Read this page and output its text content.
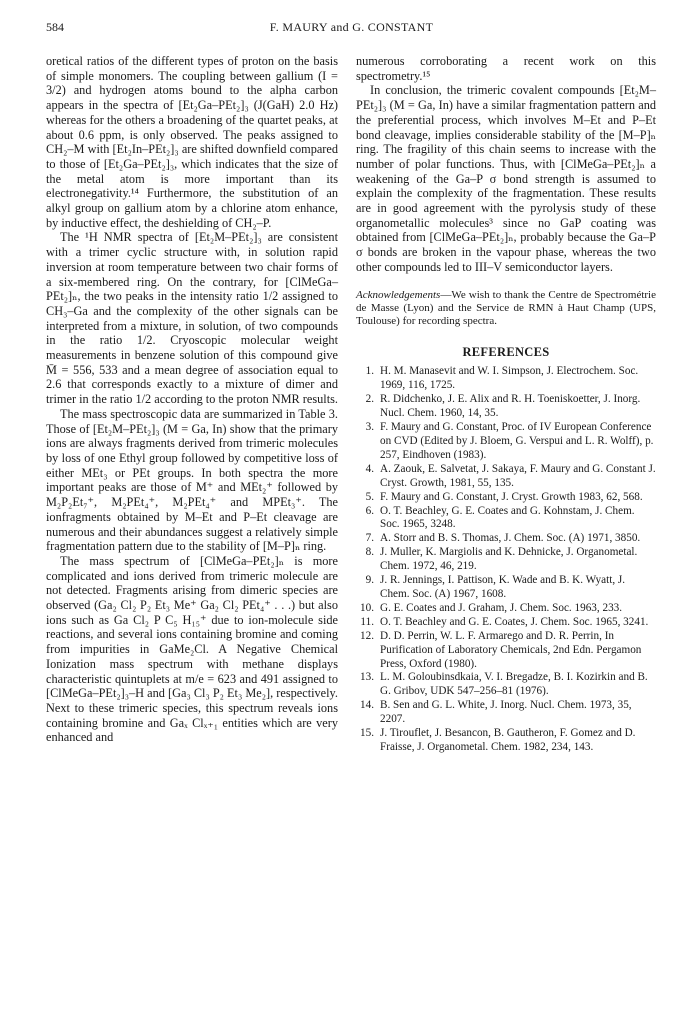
584	F. MAURY and G. CONSTANT

oretical ratios of the different types of proton on the basis of simple monomers. The coupling between gallium (I = 3/2) and hydrogen atoms bound to the alpha carbon appears in the spectra of [Et₂Ga–PEt₂]₃ (J(GaH) 2.0 Hz) whereas for the others a broadening of the quartet peaks, at about 0.6 ppm, is only observed. The peaks assigned to CH₂–M with [Et₂In–PEt₂]₃ are shifted downfield compared to those of [Et₂Ga–PEt₂]₃, which indicates that the size of the metal atom is more important than its electronegativity.¹⁴ Furthermore, the substitution of an alkyl group on gallium atom by a chlorine atom enhance, by inductive effect, the deshielding of CH₂–P.

The ¹H NMR spectra of [Et₂M–PEt₂]₃ are consistent with a trimer cyclic structure with, in solution rapid inversion at room temperature between two chair forms of a six-membered ring. On the contrary, for [ClMeGa–PEt₂]ₙ, the two peaks in the intensity ratio 1/2 assigned to CH₃–Ga and the complexity of the other signals can be interpreted from a mixture, in solution, of two compounds in the ratio 1/2. Cryoscopic molecular weight measurements in benzene solution of this compound give M̄ = 556, 533 and a mean degree of association equal to 2.6 that corresponds exactly to a mixture of dimer and trimer in the ratio 1/2 according to the proton NMR results.

The mass spectroscopic data are summarized in Table 3. Those of [Et₂M–PEt₂]₃ (M = Ga, In) show that the primary ions are always fragments derived from trimeric molecules by loss of one Ethyl group followed by competitive loss of either MEt₃ or PEt groups. In both spectra the more important peaks are those of M⁺ and MEt₂⁺ followed by M₂P₂Et₇⁺, M₂PEt₄⁺, M₂PEt₄⁺ and MPEt₃⁺. The ionfragments obtained by M–Et and P–Et cleavage are numerous and their abundances suggest a relatively simple fragmentation pattern due to the stability of [M–P]ₙ ring.

The mass spectrum of [ClMeGa–PEt₂]ₙ is more complicated and ions derived from trimeric molecule are not detected. Fragments arising from dimeric species are observed (Ga₂ Cl₂ P₂ Et₃ Me⁺ Ga₂ Cl₂ PEt₄⁺ . . .) but also ions such as Ga Cl₂ P C₅ H₁₅⁺ due to ion-molecule side reactions, and several ions containing bromine and coming from impurities in GaMe₂Cl. A Negative Chemical Ionization mass spectrum with methane displays characteristic quintuplets at m/e = 623 and 491 assigned to [ClMeGa–PEt₂]₃–H and [Ga₃ Cl₃ P₂ Et₃ Me₂], respectively. Next to these trimeric species, this spectrum reveals ions containing bromine and Gaₓ Clₓ₊₁ entities which are very enhanced and

numerous corroborating a recent work on this spectrometry.¹⁵

In conclusion, the trimeric covalent compounds [Et₂M–PEt₂]₃ (M = Ga, In) have a similar fragmentation pattern and the preferential process, which involves M–Et and P–Et bond cleavage, implies considerable stability of the [M–P]ₙ ring. The fragility of this chain seems to increase with the number of polar functions. Thus, with [ClMeGa–PEt₂]ₙ a weakening of the Ga–P σ bond strength is assumed to explain the complexity of the fragmentation. These results are in good agreement with the pyrolysis study of these organometallic molecules³ since no GaP coating was obtained from [ClMeGa–PEt₂]ₙ, probably because the Ga–P σ bonds are broken in the vapour phase, whereas the two other compounds led to III–V semiconductor layers.

Acknowledgements—We wish to thank the Centre de Spectrométrie de Masse (Lyon) and the Service de RMN à Haut Champ (UPS, Toulouse) for recording spectra.

REFERENCES
1. H. M. Manasevit and W. I. Simpson, J. Electrochem. Soc. 1969, 116, 1725.
2. R. Didchenko, J. E. Alix and R. H. Toeniskoetter, J. Inorg. Nucl. Chem. 1960, 14, 35.
3. F. Maury and G. Constant, Proc. of IV European Conference on CVD (Edited by J. Bloem, G. Verspui and L. R. Wolff), p. 257, Eindhoven (1983).
4. A. Zaouk, E. Salvetat, J. Sakaya, F. Maury and G. Constant J. Cryst. Growth, 1981, 55, 135.
5. F. Maury and G. Constant, J. Cryst. Growth 1983, 62, 568.
6. O. T. Beachley, G. E. Coates and G. Kohnstam, J. Chem. Soc. 1965, 3248.
7. A. Storr and B. S. Thomas, J. Chem. Soc. (A) 1971, 3850.
8. J. Muller, K. Margiolis and K. Dehnicke, J. Organometal. Chem. 1972, 46, 219.
9. J. R. Jennings, I. Pattison, K. Wade and B. K. Wyatt, J. Chem. Soc. (A) 1967, 1608.
10. G. E. Coates and J. Graham, J. Chem. Soc. 1963, 233.
11. O. T. Beachley and G. E. Coates, J. Chem. Soc. 1965, 3241.
12. D. D. Perrin, W. L. F. Armarego and D. R. Perrin, In Purification of Laboratory Chemicals, 2nd Edn. Pergamon Press, Oxford (1980).
13. L. M. Goloubinsdkaia, V. I. Bregadze, B. I. Kozirkin and B. G. Gribov, UDK 547–256–81 (1976).
14. B. Sen and G. L. White, J. Inorg. Nucl. Chem. 1973, 35, 2207.
15. J. Tirouflet, J. Besancon, B. Gautheron, F. Gomez and D. Fraisse, J. Organometal. Chem. 1982, 234, 143.
